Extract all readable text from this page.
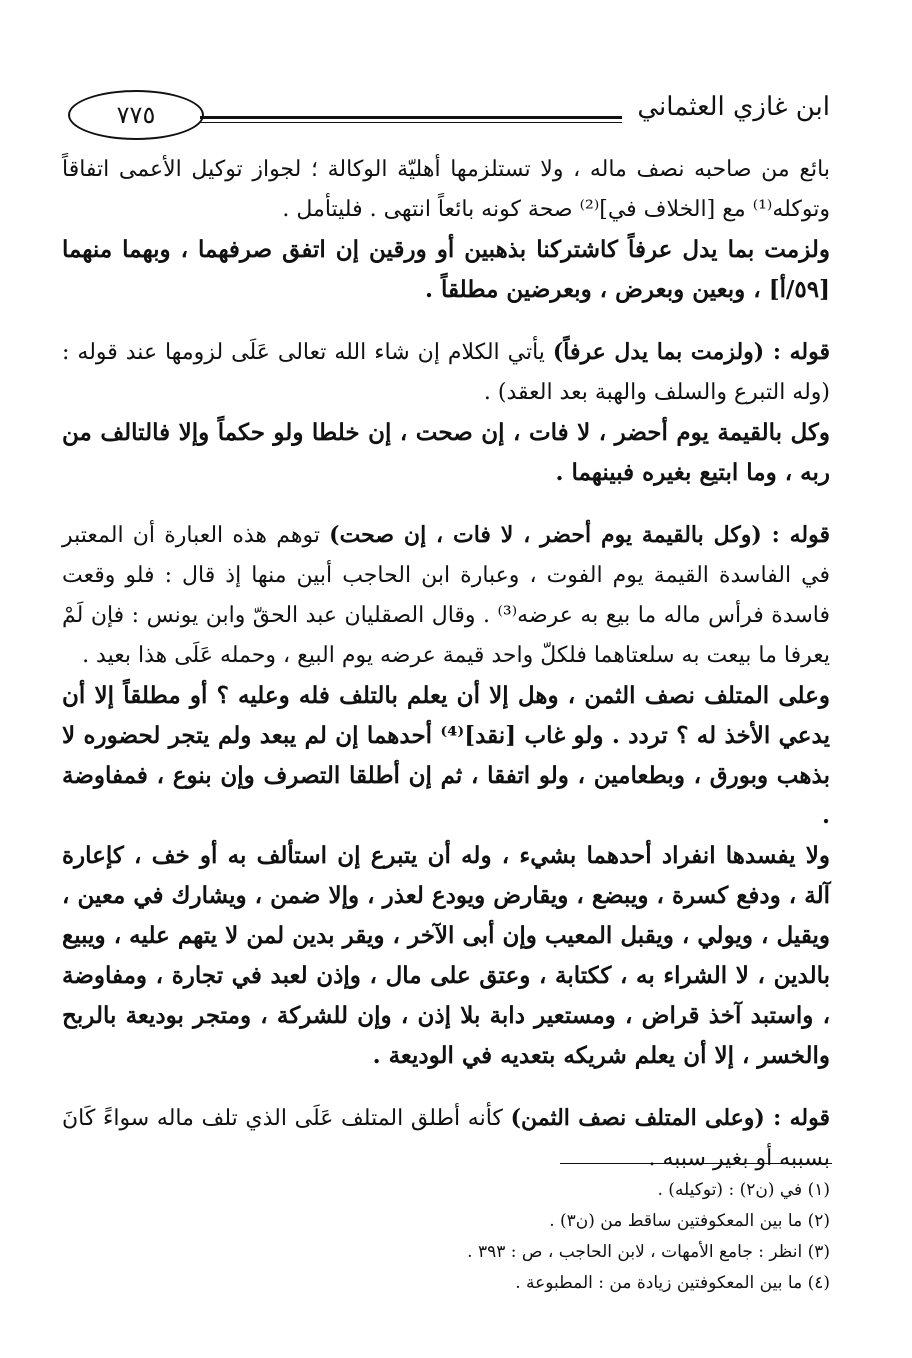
٧٧٥	ابن غازي العثماني

بائع من صاحبه نصف ماله ، ولا تستلزمها أهليّة الوكالة ؛ لجواز توكيل الأعمى اتفاقاً وتوكله⁽¹⁾ مع [الخلاف في]⁽²⁾ صحة كونه بائعاً انتهى . فليتأمل .

ولزمت بما يدل عرفاً كاشتركنا بذهبين أو ورقين إن اتفق صرفهما ، وبهما منهما [٥٩/أ] ، وبعين وبعرض ، وبعرضين مطلقاً .

قوله : (ولزمت بما يدل عرفاً) يأتي الكلام إن شاء الله تعالى عَلَى لزومها عند قوله : (وله التبرع والسلف والهبة بعد العقد) .

وكل بالقيمة يوم أحضر ، لا فات ، إن صحت ، إن خلطا ولو حكماً وإلا فالتالف من ربه ، وما ابتيع بغيره فبينهما .

قوله : (وكل بالقيمة يوم أحضر ، لا فات ، إن صحت) توهم هذه العبارة أن المعتبر في الفاسدة القيمة يوم الفوت ، وعبارة ابن الحاجب أبين منها إذ قال : فلو وقعت فاسدة فرأس ماله ما بيع به عرضه⁽³⁾ . وقال الصقليان عبد الحقّ وابن يونس : فإن لَمْ يعرفا ما بيعت به سلعتاهما فلكلّ واحد قيمة عرضه يوم البيع ، وحمله عَلَى هذا بعيد .

وعلى المتلف نصف الثمن ، وهل إلا أن يعلم بالتلف فله وعليه ؟ أو مطلقاً إلا أن يدعي الأخذ له ؟ تردد . ولو غاب [نقد]⁽⁴⁾ أحدهما إن لم يبعد ولم يتجر لحضوره لا بذهب وبورق ، وبطعامين ، ولو اتفقا ، ثم إن أطلقا التصرف وإن بنوع ، فمفاوضة .

ولا يفسدها انفراد أحدهما بشيء ، وله أن يتبرع إن استألف به أو خف ، كإعارة آلة ، ودفع كسرة ، ويبضع ، ويقارض ويودع لعذر ، وإلا ضمن ، ويشارك في معين ، ويقيل ، ويولي ، ويقبل المعيب وإن أبى الآخر ، ويقر بدين لمن لا يتهم عليه ، ويبيع بالدين ، لا الشراء به ، ككتابة ، وعتق على مال ، وإذن لعبد في تجارة ، ومفاوضة ، واستبد آخذ قراض ، ومستعير دابة بلا إذن ، وإن للشركة ، ومتجر بوديعة بالربح والخسر ، إلا أن يعلم شريكه بتعديه في الوديعة .

قوله : (وعلى المتلف نصف الثمن) كأنه أطلق المتلف عَلَى الذي تلف ماله سواءً كَانَ بسببه أو بغير سببه .

(١) في (ن٢) : (توكيله) .

(٢) ما بين المعكوفتين ساقط من (ن٣) .

(٣) انظر : جامع الأمهات ، لابن الحاجب ، ص : ٣٩٣ .

(٤) ما بين المعكوفتين زيادة من : المطبوعة .
